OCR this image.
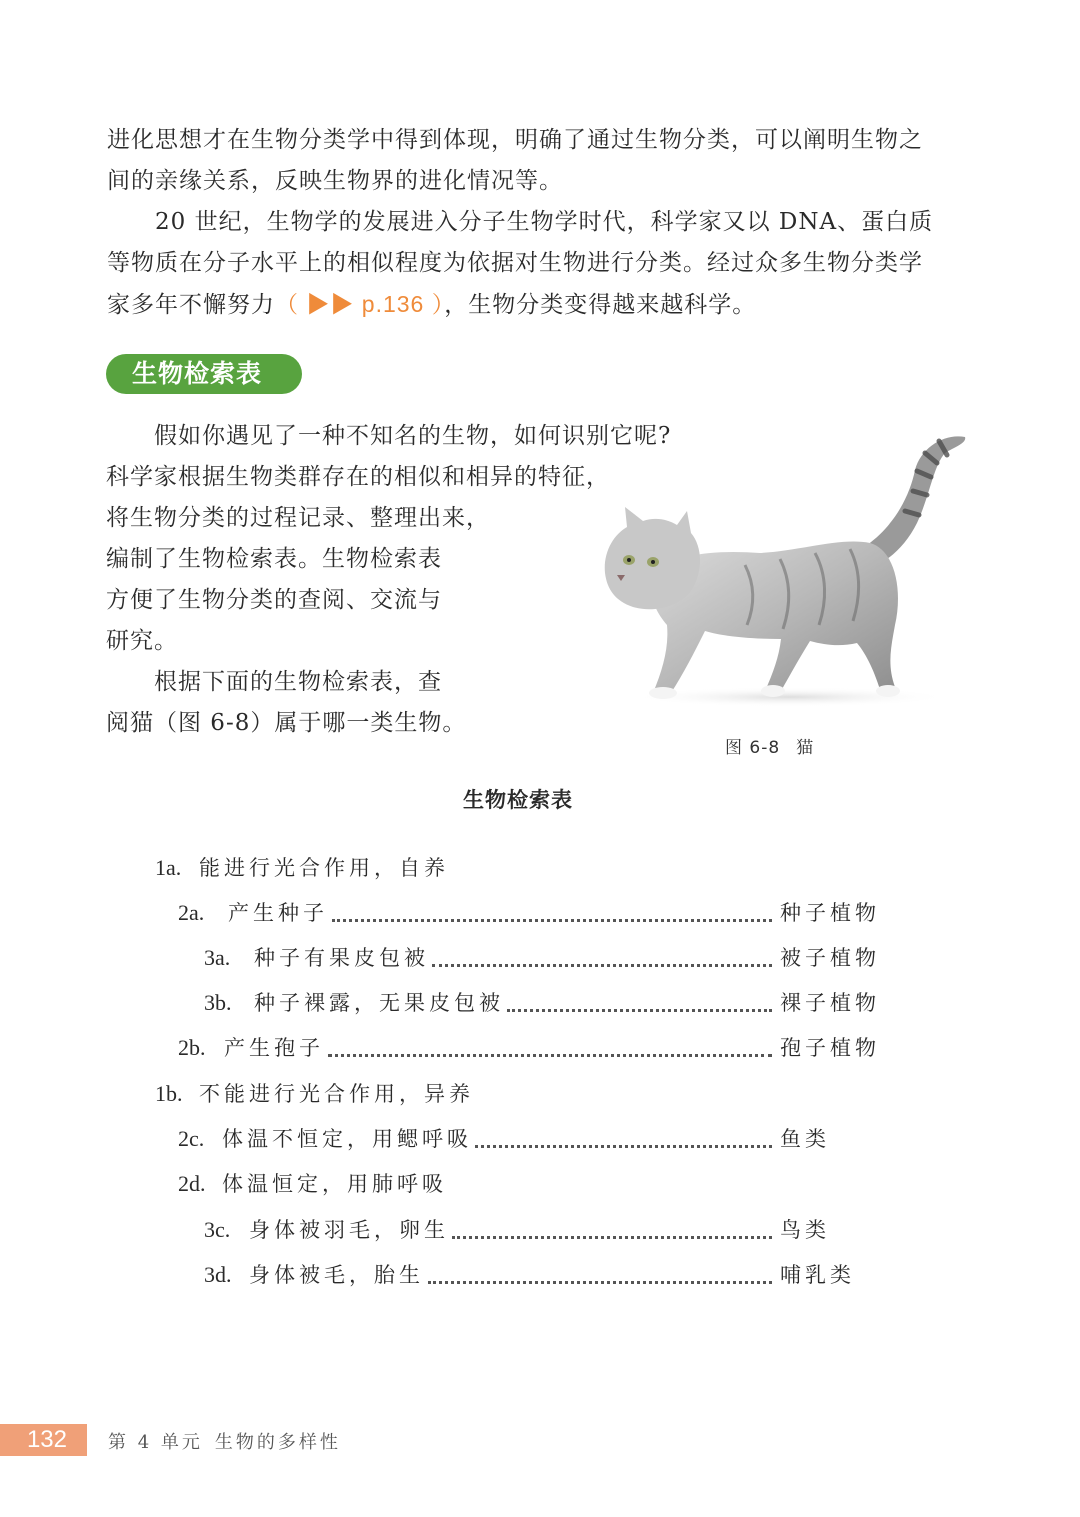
进化思想才在生物分类学中得到体现，明确了通过生物分类，可以阐明生物之

间的亲缘关系，反映生物界的进化情况等。

20 世纪，生物学的发展进入分子生物学时代，科学家又以 DNA、蛋白质

等物质在分子水平上的相似程度为依据对生物进行分类。经过众多生物分类学

家多年不懈努力（ ▶▶ p.136 ），生物分类变得越来越科学。

生物检索表
假如你遇见了一种不知名的生物，如何识别它呢?
科学家根据生物类群存在的相似和相异的特征，
将生物分类的过程记录、整理出来，
编制了生物检索表。生物检索表
方便了生物分类的查阅、交流与
研究。
根据下面的生物检索表，查
阅猫（图 6-8）属于哪一类生物。
图 6-8 猫
生物检索表
1a. 能进行光合作用，自养
2a. 产生种子	种子植物
3a. 种子有果皮包被	被子植物
3b. 种子裸露，无果皮包被	裸子植物
2b. 产生孢子	孢子植物
1b. 不能进行光合作用，异养
2c. 体温不恒定，用鳃呼吸	鱼类
2d. 体温恒定，用肺呼吸
3c. 身体被羽毛，卵生	鸟类
3d. 身体被毛，胎生	哺乳类
132	第 4 单元 生物的多样性
